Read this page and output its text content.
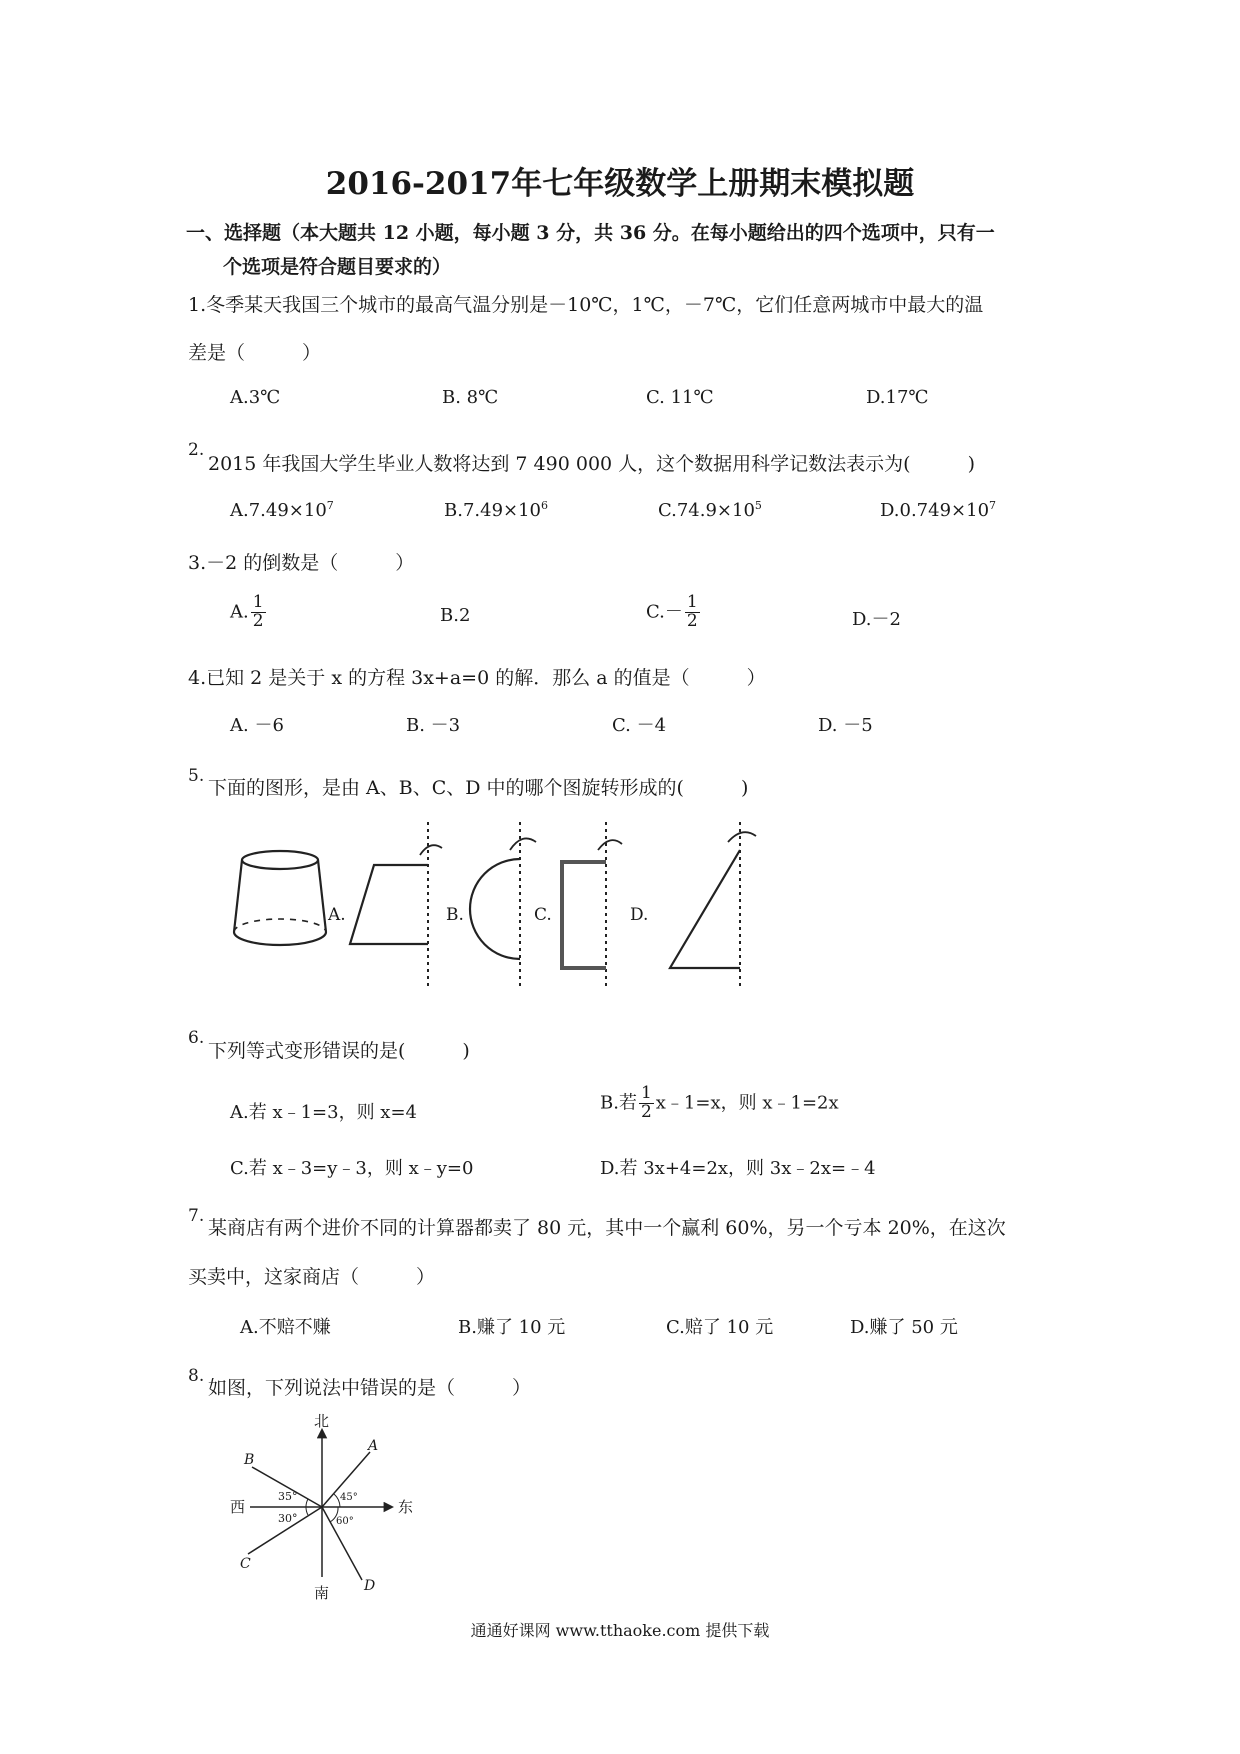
2016-2017年七年级数学上册期末模拟题
一、选择题（本大题共 12 小题，每小题 3 分，共 36 分。在每小题给出的四个选项中，只有一
个选项是符合题目要求的）
1.冬季某天我国三个城市的最高气温分别是－10℃，1℃，－7℃，它们任意两城市中最大的温
差是（　　　）
A.3℃	B. 8℃	C. 11℃	D.17℃
2.
2015 年我国大学生毕业人数将达到 7 490 000 人，这个数据用科学记数法表示为(　　　)
$A.7.49\times 10^7$	$B.7.49\times 10^6$	$C.74.9\times 10^5$	$D.0.749\times 10^7$
3.－2 的倒数是（　　　）
A. $\frac{1}{2}$	B.2	$C.- \frac{1}{2}$	D.－2
4.已知 2 是关于 x 的方程 3x+a=0 的解．那么 a 的值是（　　　）
A. －6	B. －3	C. －4	D. －5
5.
下面的图形，是由 A、B、C、D 中的哪个图旋转形成的(　　　)
A.	B.	C.	D.
6.
下列等式变形错误的是(　　　)
A.若 x﹣1=3，则 x=4	B.若 $\frac{1}{2}$ x﹣1=x，则 x﹣1=2x
C.若 x﹣3=y﹣3，则 x﹣y=0	D.若 3x+4=2x，则 3x﹣2x=﹣4
7.
某商店有两个进价不同的计算器都卖了 80 元，其中一个赢利 60%，另一个亏本 20%，在这次
买卖中，这家商店（　　　）
A.不赔不赚	B.赚了 10 元	C.赔了 10 元	D.赚了 50 元
8.
如图，下列说法中错误的是（　　　）
北
南
东
西
A
B
C
D
35°	45°
30°	60°
通通好课网 www.tthaoke.com 提供下载
